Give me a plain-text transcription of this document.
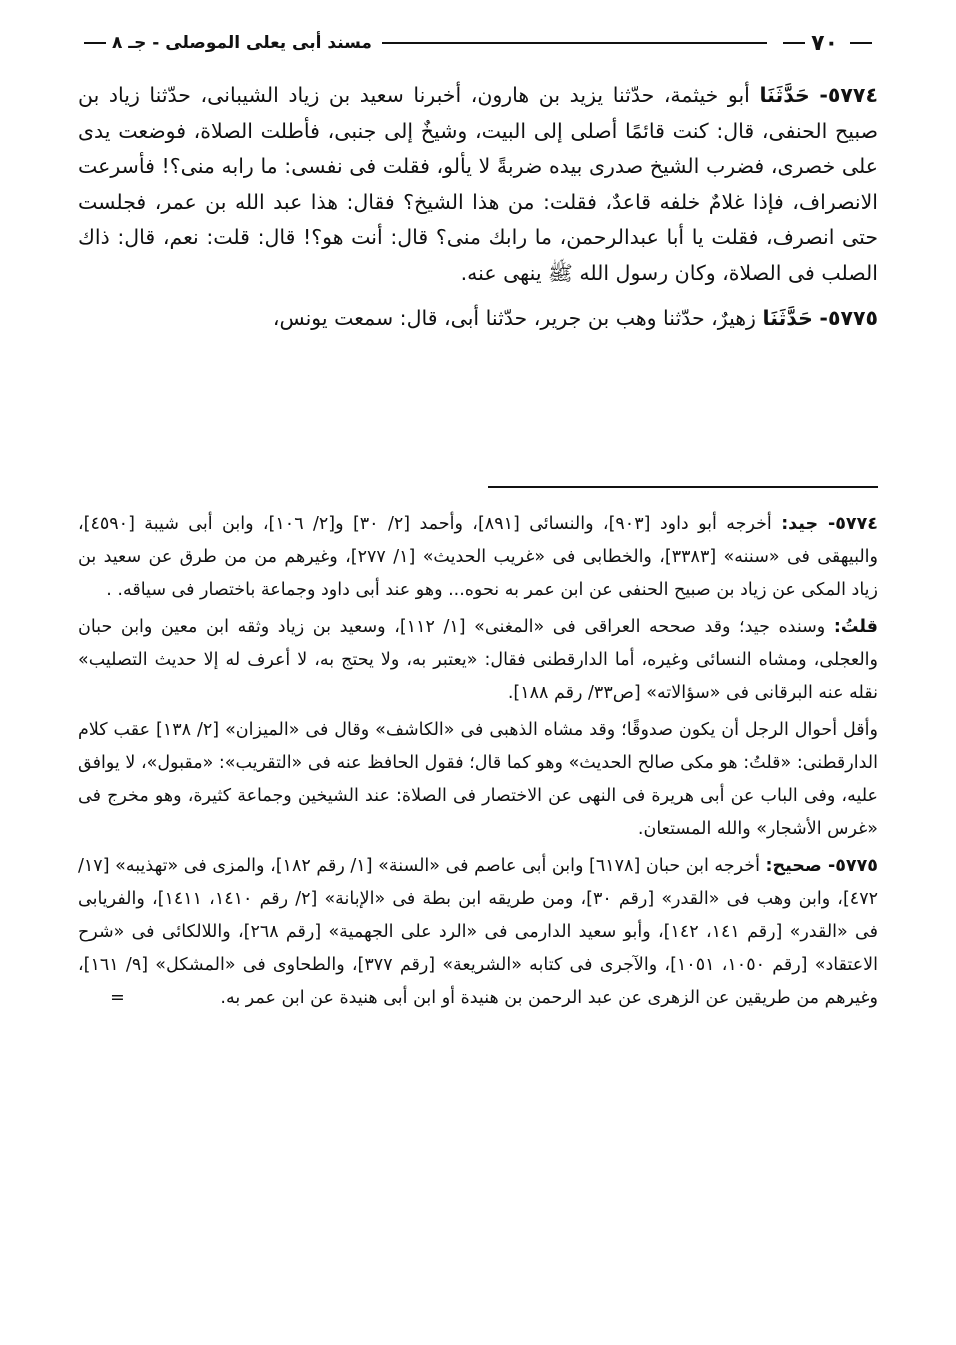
٧٠
مسند أبى يعلى الموصلى - جـ ٨

٥٧٧٤- حَدَّثَنَا أبو خيثمة، حدّثنا يزيد بن هارون، أخبرنا سعيد بن زياد الشيبانى، حدّثنا زياد بن صبيح الحنفى، قال: كنت قائمًا أصلى إلى البيت، وشيخٌ إلى جنبى، فأطلت الصلاة، فوضعت يدى على خصرى، فضرب الشيخ صدرى بيده ضربةً لا يألو، فقلت فى نفسى: ما رابه منى؟! فأسرعت الانصراف، فإذا غلامٌ خلفه قاعدٌ، فقلت: من هذا الشيخ؟ فقال: هذا عبد الله بن عمر، فجلست حتى انصرف، فقلت يا أبا عبدالرحمن، ما رابك منى؟ قال: أنت هو؟! قال: قلت: نعم، قال: ذاك الصلب فى الصلاة، وكان رسول الله ﷺ ينهى عنه.

٥٧٧٥- حَدَّثَنَا زهيرٌ، حدّثنا وهب بن جرير، حدّثنا أبى، قال: سمعت يونس،

٥٧٧٤- جيد: أخرجه أبو داود [٩٠٣]، والنسائى [٨٩١]، وأحمد [٢/ ٣٠] و[٢/ ١٠٦]، وابن أبى شيبة [٤٥٩٠]، والبيهقى فى «سننه» [٣٣٨٣]، والخطابى فى «غريب الحديث» [١/ ٢٧٧]، وغيرهم من من طرق عن سعيد بن زياد المكى عن زياد بن صبيح الحنفى عن ابن عمر به نحوه... وهو عند أبى داود وجماعة باختصار فى سياقه. .

قلتُ: وسنده جيد؛ وقد صححه العراقى فى «المغنى» [١/ ١١٢]، وسعيد بن زياد وثقه ابن معين وابن حبان والعجلى، ومشاه النسائى وغيره، أما الدارقطنى فقال: «يعتبر به، ولا يحتج به، لا أعرف له إلا حديث التصليب» نقله عنه البرقانى فى «سؤالاته» [ص٣٣/ رقم ١٨٨].

وأقل أحوال الرجل أن يكون صدوقًا؛ وقد مشاه الذهبى فى «الكاشف» وقال فى «الميزان» [٢/ ١٣٨] عقب كلام الدارقطنى: «قلتُ: هو مكى صالح الحديث» وهو كما قال؛ فقول الحافظ عنه فى «التقريب»: «مقبول»، لا يوافق عليه، وفى الباب عن أبى هريرة فى النهى عن الاختصار فى الصلاة: عند الشيخين وجماعة كثيرة، وهو مخرج فى «غرس الأشجار» والله المستعان.

٥٧٧٥- صحيح: أخرجه ابن حبان [٦١٧٨] وابن أبى عاصم فى «السنة» [١/ رقم ١٨٢]، والمزى فى «تهذيبه» [١٧/ ٤٧٢]، وابن وهب فى «القدر» [رقم ٣٠]، ومن طريقه ابن بطة فى «الإبانة» [٢/ رقم ١٤١٠، ١٤١١]، والفريابى فى «القدر» [رقم ١٤١، ١٤٢]، وأبو سعيد الدارمى فى «الرد على الجهمية» [رقم ٢٦٨]، واللالكائى فى «شرح الاعتقاد» [رقم ١٠٥٠، ١٠٥١]، والآجرى فى كتابه «الشريعة» [رقم ٣٧٧]، والطحاوى فى «المشكل» [٩/ ١٦١]، وغيرهم من طريقين عن الزهرى عن عبد الرحمن بن هنيدة أو ابن أبى هنيدة عن ابن عمر به. =
